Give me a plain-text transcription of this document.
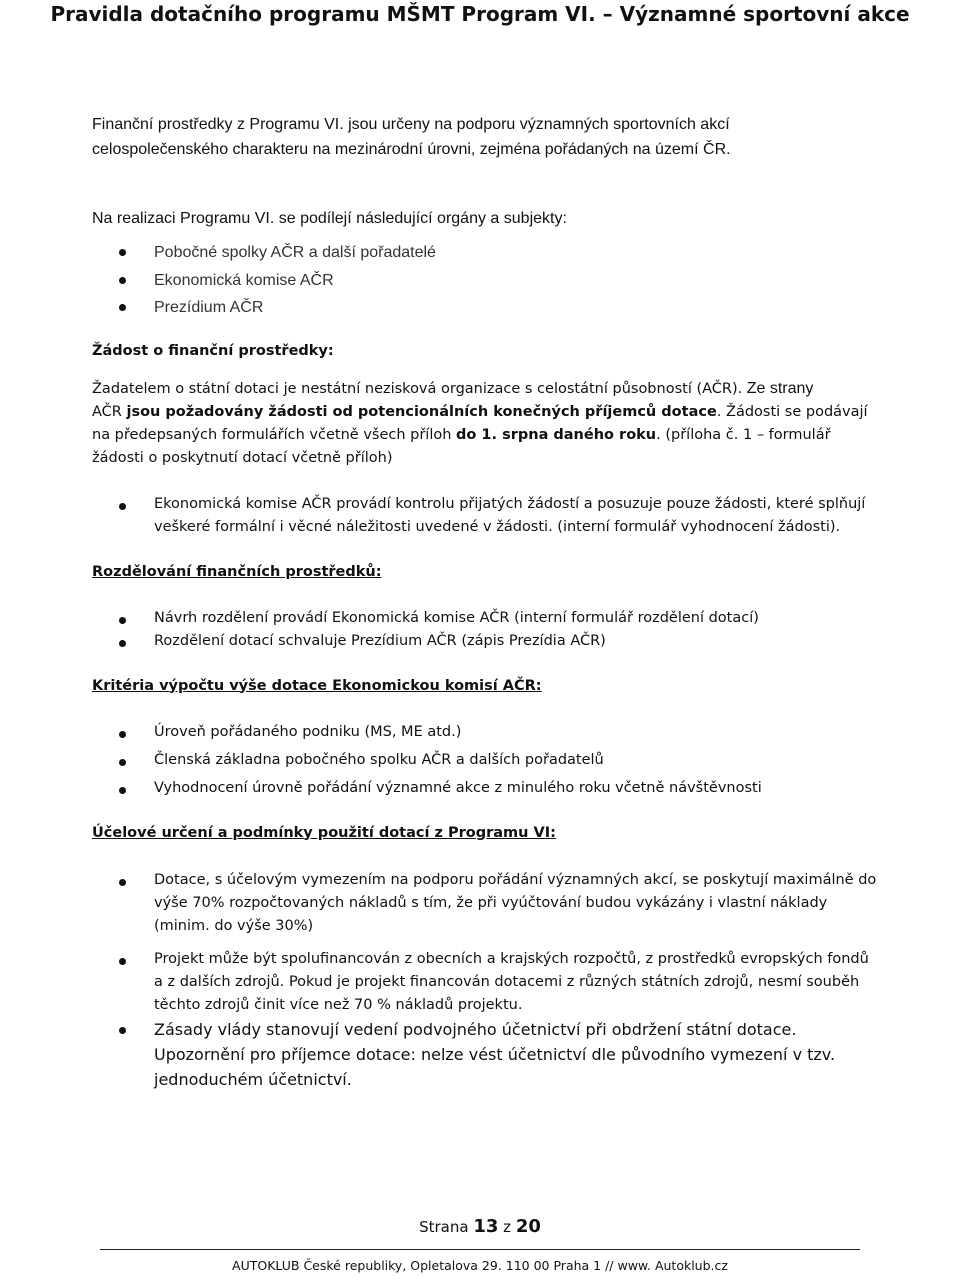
Pravidla dotačního programu MŠMT Program VI. – Významné sportovní akce

Finanční prostředky z Programu VI. jsou určeny na podporu významných sportovních akcí

celospolečenského charakteru na mezinárodní úrovni, zejména pořádaných na území ČR.

Na realizaci Programu VI. se podílejí následující orgány a subjekty:

Pobočné spolky AČR a další pořadatelé
Ekonomická komise AČR
Prezídium AČR

Žádost o finanční prostředky:

Žadatelem o státní dotaci je nestátní nezisková organizace s celostátní působností (AČR). Ze strany
AČR jsou požadovány žádosti od potencionálních konečných příjemců dotace. Žádosti se podávají
na předepsaných formulářích včetně všech příloh do 1. srpna daného roku. (příloha č. 1 – formulář
žádosti o poskytnutí dotací včetně příloh)
Ekonomická komise AČR provádí kontrolu přijatých žádostí a posuzuje pouze žádosti, které splňují veškeré formální i věcné náležitosti uvedené v žádosti. (interní formulář vyhodnocení žádosti).

Rozdělování finančních prostředků:

Návrh rozdělení provádí Ekonomická komise AČR (interní formulář rozdělení dotací)
Rozdělení dotací schvaluje Prezídium AČR (zápis Prezídia AČR)

Kritéria výpočtu výše dotace Ekonomickou komisí AČR:

Úroveň pořádaného podniku (MS, ME atd.)
Členská základna pobočného spolku AČR a dalších pořadatelů
Vyhodnocení úrovně pořádání významné akce z minulého roku včetně návštěvnosti

Účelové určení a podmínky použití dotací z Programu VI:

Dotace, s účelovým vymezením na podporu pořádání významných akcí, se poskytují maximálně do výše 70% rozpočtovaných nákladů s tím, že při vyúčtování budou vykázány i vlastní náklady (minim. do výše 30%)
Projekt může být spolufinancován z obecních a krajských rozpočtů, z prostředků evropských fondů a z dalších zdrojů. Pokud je projekt financován dotacemi z různých státních zdrojů, nesmí souběh těchto zdrojů činit více než 70 % nákladů projektu.
Zásady vlády stanovují vedení podvojného účetnictví při obdržení státní dotace. Upozornění pro příjemce dotace: nelze vést účetnictví dle původního vymezení v tzv. jednoduchém účetnictví.
Strana 13 z 20
AUTOKLUB České republiky, Opletalova 29. 110 00 Praha 1 // www. Autoklub.cz
